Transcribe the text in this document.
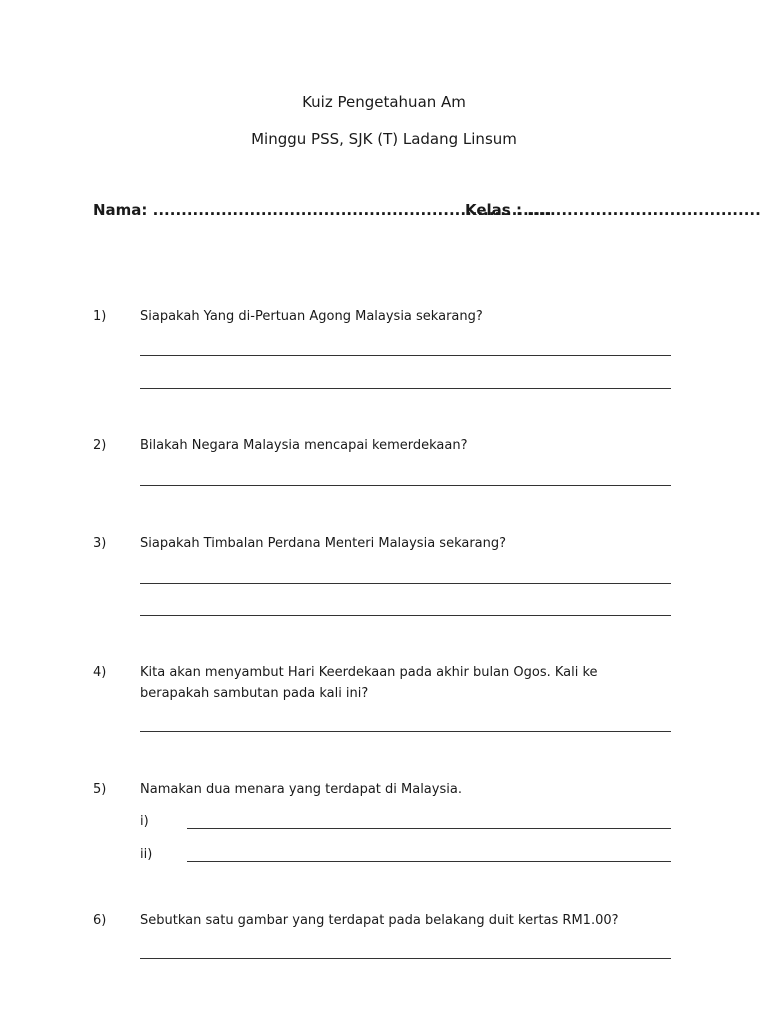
Kuiz Pengetahuan Am
Minggu PSS, SJK (T) Ladang Linsum
Nama: ......................................................................
Kelas : .........................................
1)	Siapakah Yang di-Pertuan Agong Malaysia sekarang?
2)	Bilakah Negara Malaysia mencapai kemerdekaan?
3)	Siapakah Timbalan Perdana Menteri Malaysia sekarang?
4)	Kita akan menyambut Hari Keerdekaan pada akhir bulan Ogos. Kali ke berapakah sambutan pada kali ini?
5)	Namakan dua menara yang terdapat di Malaysia.
i)
ii)
6)	Sebutkan satu gambar yang terdapat pada belakang duit kertas RM1.00?
